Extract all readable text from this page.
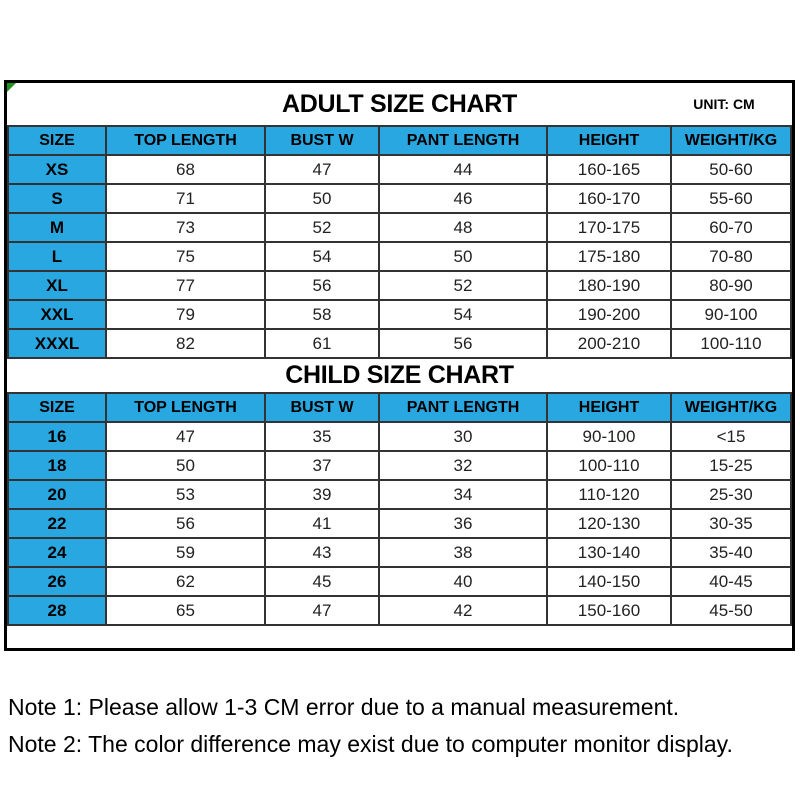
ADULT SIZE CHART UNIT: CM					

SIZE	TOP LENGTH	BUST W	PANT LENGTH	HEIGHT	WEIGHT/KG
XS	68	47	44	160-165	50-60
S	71	50	46	160-170	55-60
M	73	52	48	170-175	60-70
L	75	54	50	175-180	70-80
XL	77	56	52	180-190	80-90
XXL	79	58	54	190-200	90-100
XXXL	82	61	56	200-210	100-110
CHILD SIZE CHART					
SIZE	TOP LENGTH	BUST W	PANT LENGTH	HEIGHT	WEIGHT/KG
16	47	35	30	90-100	<15
18	50	37	32	100-110	15-25
20	53	39	34	110-120	25-30
22	56	41	36	120-130	30-35
24	59	43	38	130-140	35-40
26	62	45	40	140-150	40-45
28	65	47	42	150-160	45-50

Note 1: Please allow 1-3 CM error due to a manual measurement.

Note 2: The color difference may exist due to computer monitor display.
